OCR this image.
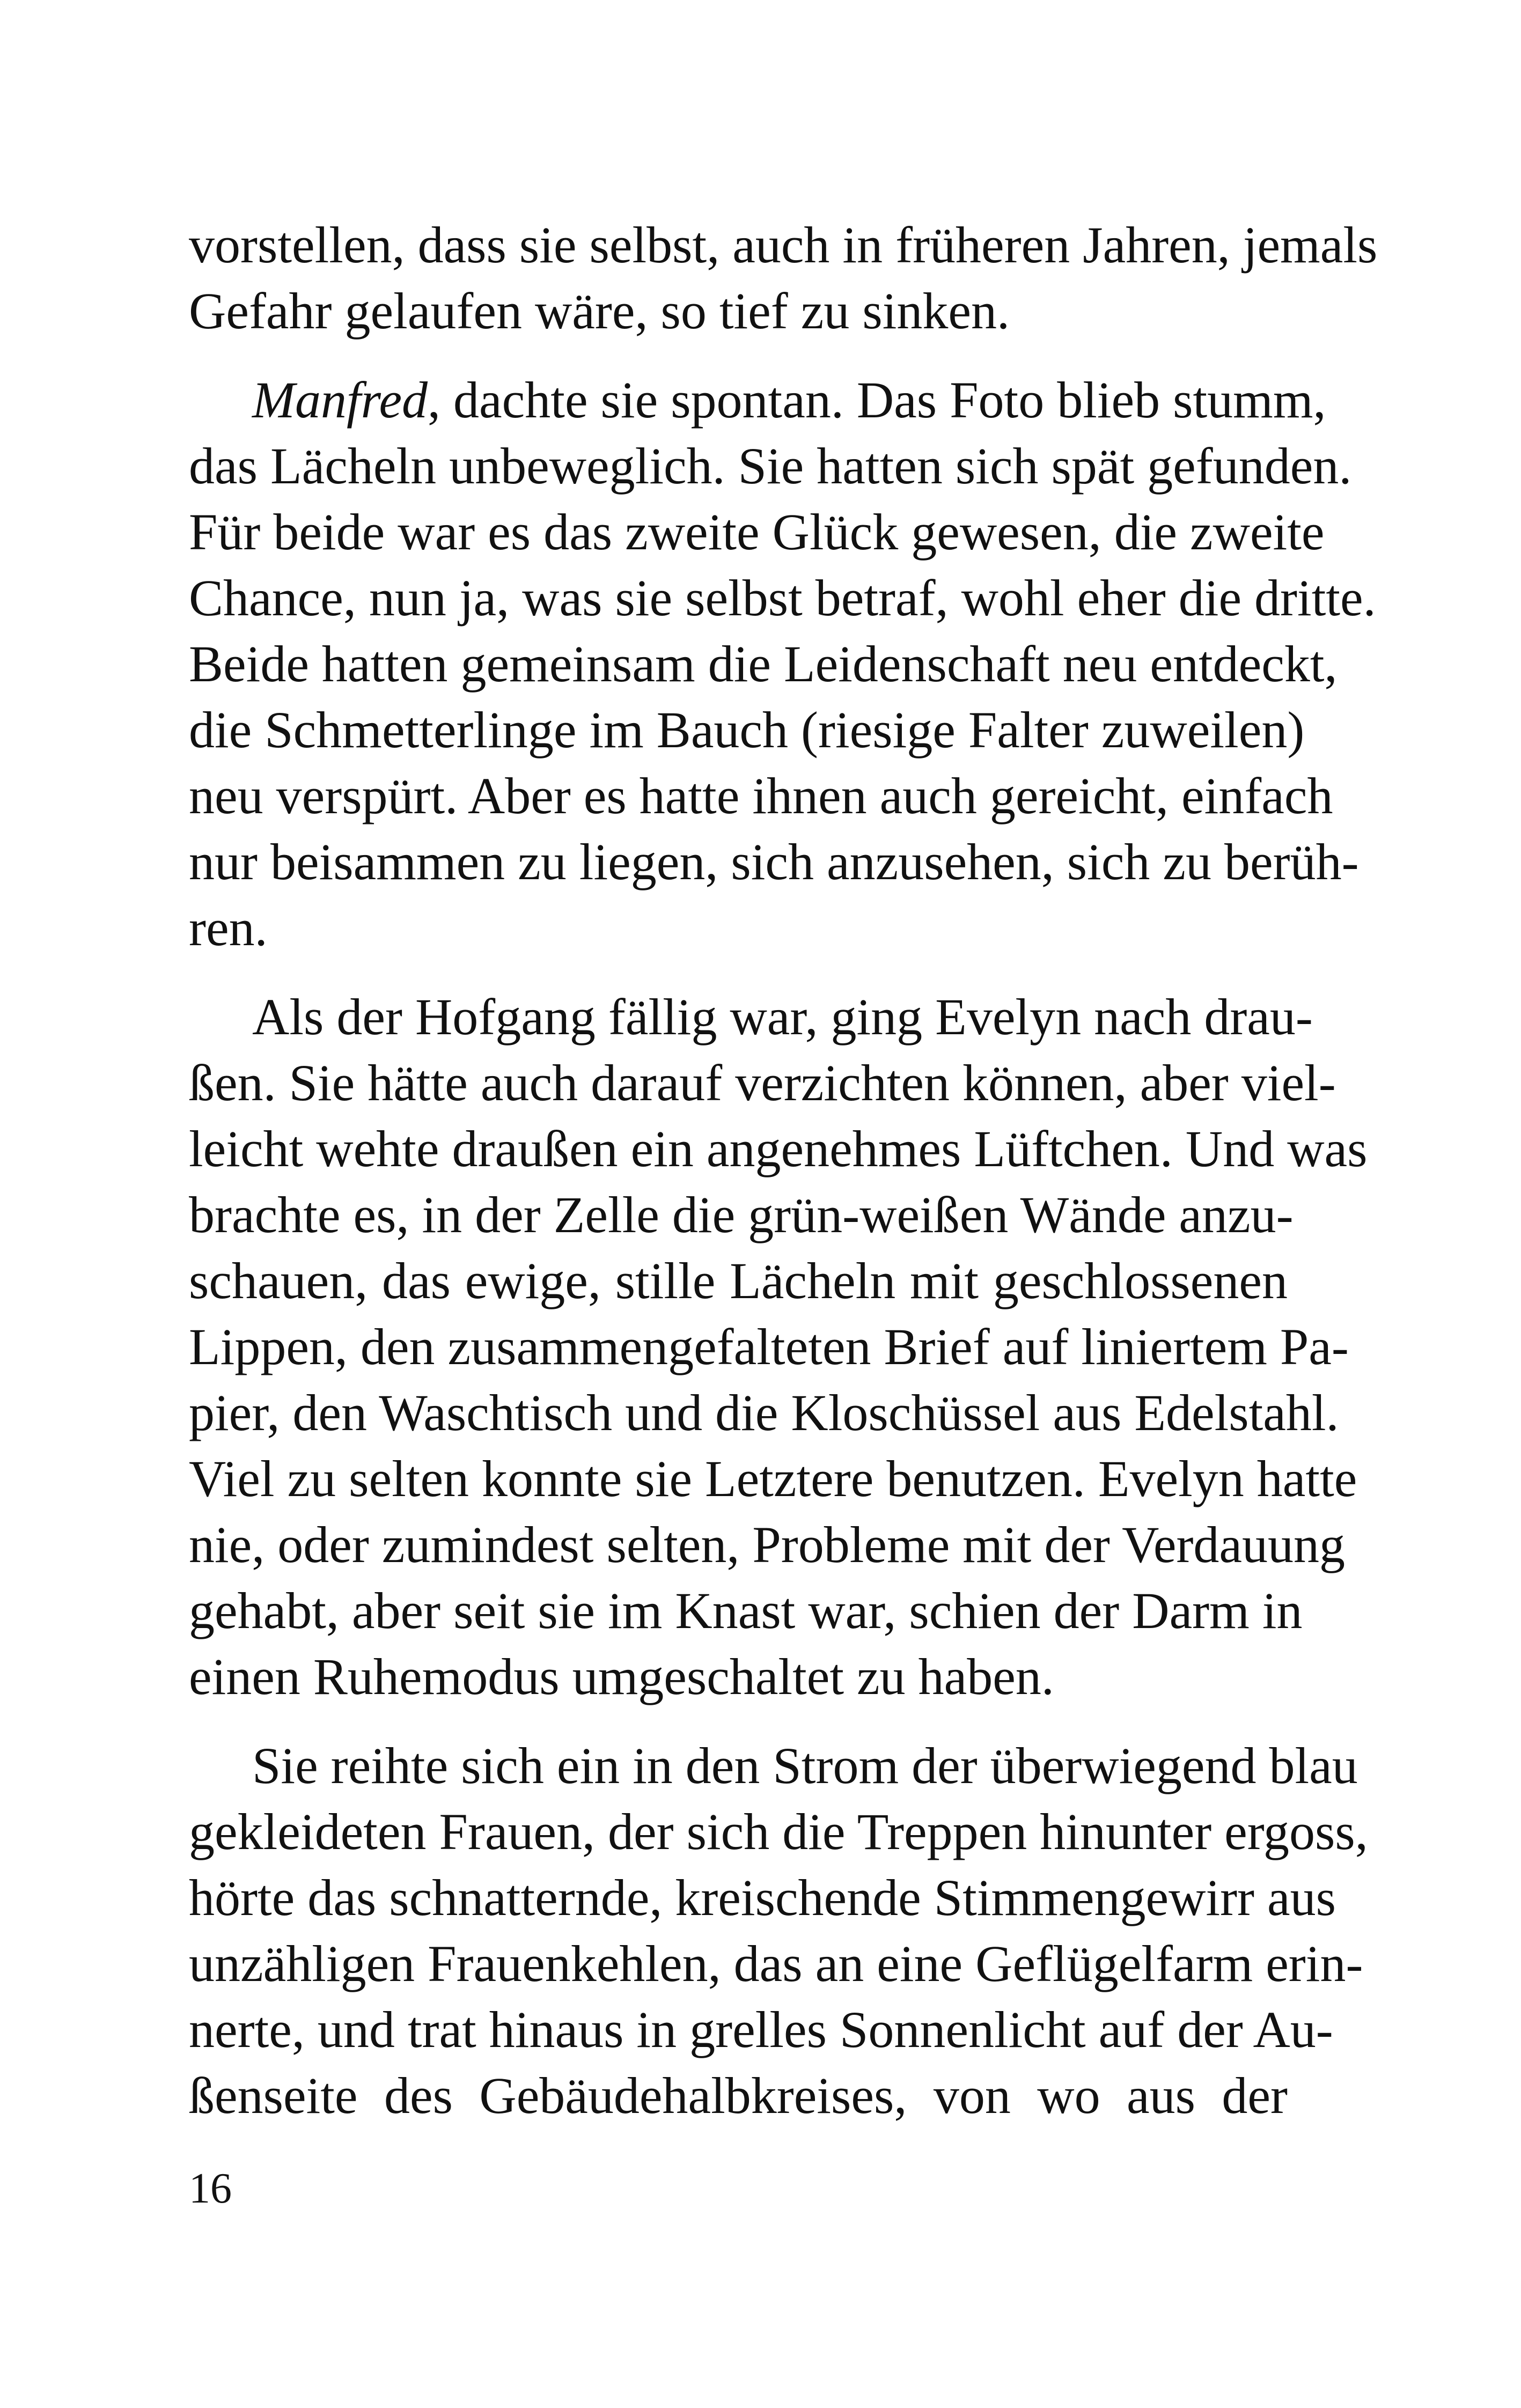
vorstellen, dass sie selbst, auch in früheren Jahren, jemals
Gefahr gelaufen wäre, so tief zu sinken.
Manfred, dachte sie spontan. Das Foto blieb stumm,
das Lächeln unbeweglich. Sie hatten sich spät gefunden.
Für beide war es das zweite Glück gewesen, die zweite
Chance, nun ja, was sie selbst betraf, wohl eher die dritte.
Beide hatten gemeinsam die Leidenschaft neu entdeckt,
die Schmetterlinge im Bauch (riesige Falter zuweilen)
neu verspürt. Aber es hatte ihnen auch gereicht, einfach
nur beisammen zu liegen, sich anzusehen, sich zu berüh-
ren.
Als der Hofgang fällig war, ging Evelyn nach drau-
ßen. Sie hätte auch darauf verzichten können, aber viel-
leicht wehte draußen ein angenehmes Lüftchen. Und was
brachte es, in der Zelle die grün-weißen Wände anzu-
schauen, das ewige, stille Lächeln mit geschlossenen
Lippen, den zusammengefalteten Brief auf liniertem Pa-
pier, den Waschtisch und die Kloschüssel aus Edelstahl.
Viel zu selten konnte sie Letztere benutzen. Evelyn hatte
nie, oder zumindest selten, Probleme mit der Verdauung
gehabt, aber seit sie im Knast war, schien der Darm in
einen Ruhemodus umgeschaltet zu haben.
Sie reihte sich ein in den Strom der überwiegend blau
gekleideten Frauen, der sich die Treppen hinunter ergoss,
hörte das schnatternde, kreischende Stimmengewirr aus
unzähligen Frauenkehlen, das an eine Geflügelfarm erin-
nerte, und trat hinaus in grelles Sonnenlicht auf der Au-
ßenseite des Gebäudehalbkreises, von wo aus der
16
